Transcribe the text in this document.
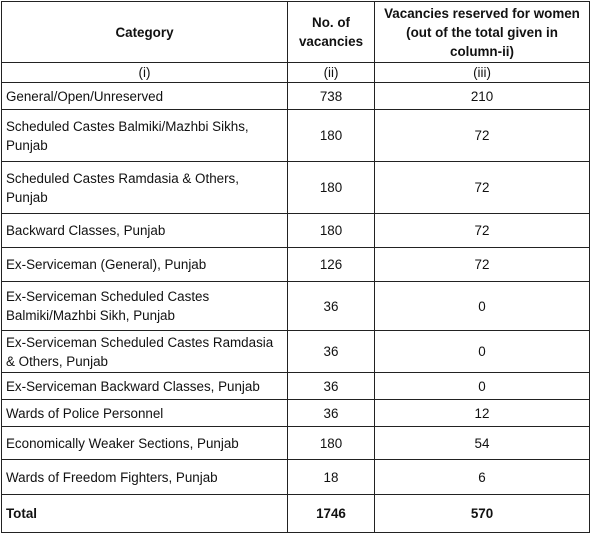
Category	No. of vacancies	Vacancies reserved for women (out of the total given in column-ii)
(i)	(ii)	(iii)
General/Open/Unreserved	738	210
Scheduled Castes Balmiki/Mazhbi Sikhs, Punjab	180	72
Scheduled Castes Ramdasia & Others, Punjab	180	72
Backward Classes, Punjab	180	72
Ex-Serviceman (General), Punjab	126	72
Ex-Serviceman Scheduled Castes Balmiki/Mazhbi Sikh, Punjab	36	0
Ex-Serviceman Scheduled Castes Ramdasia & Others, Punjab	36	0
Ex-Serviceman Backward Classes, Punjab	36	0
Wards of Police Personnel	36	12
Economically Weaker Sections, Punjab	180	54
Wards of Freedom Fighters, Punjab	18	6
Total	1746	570
